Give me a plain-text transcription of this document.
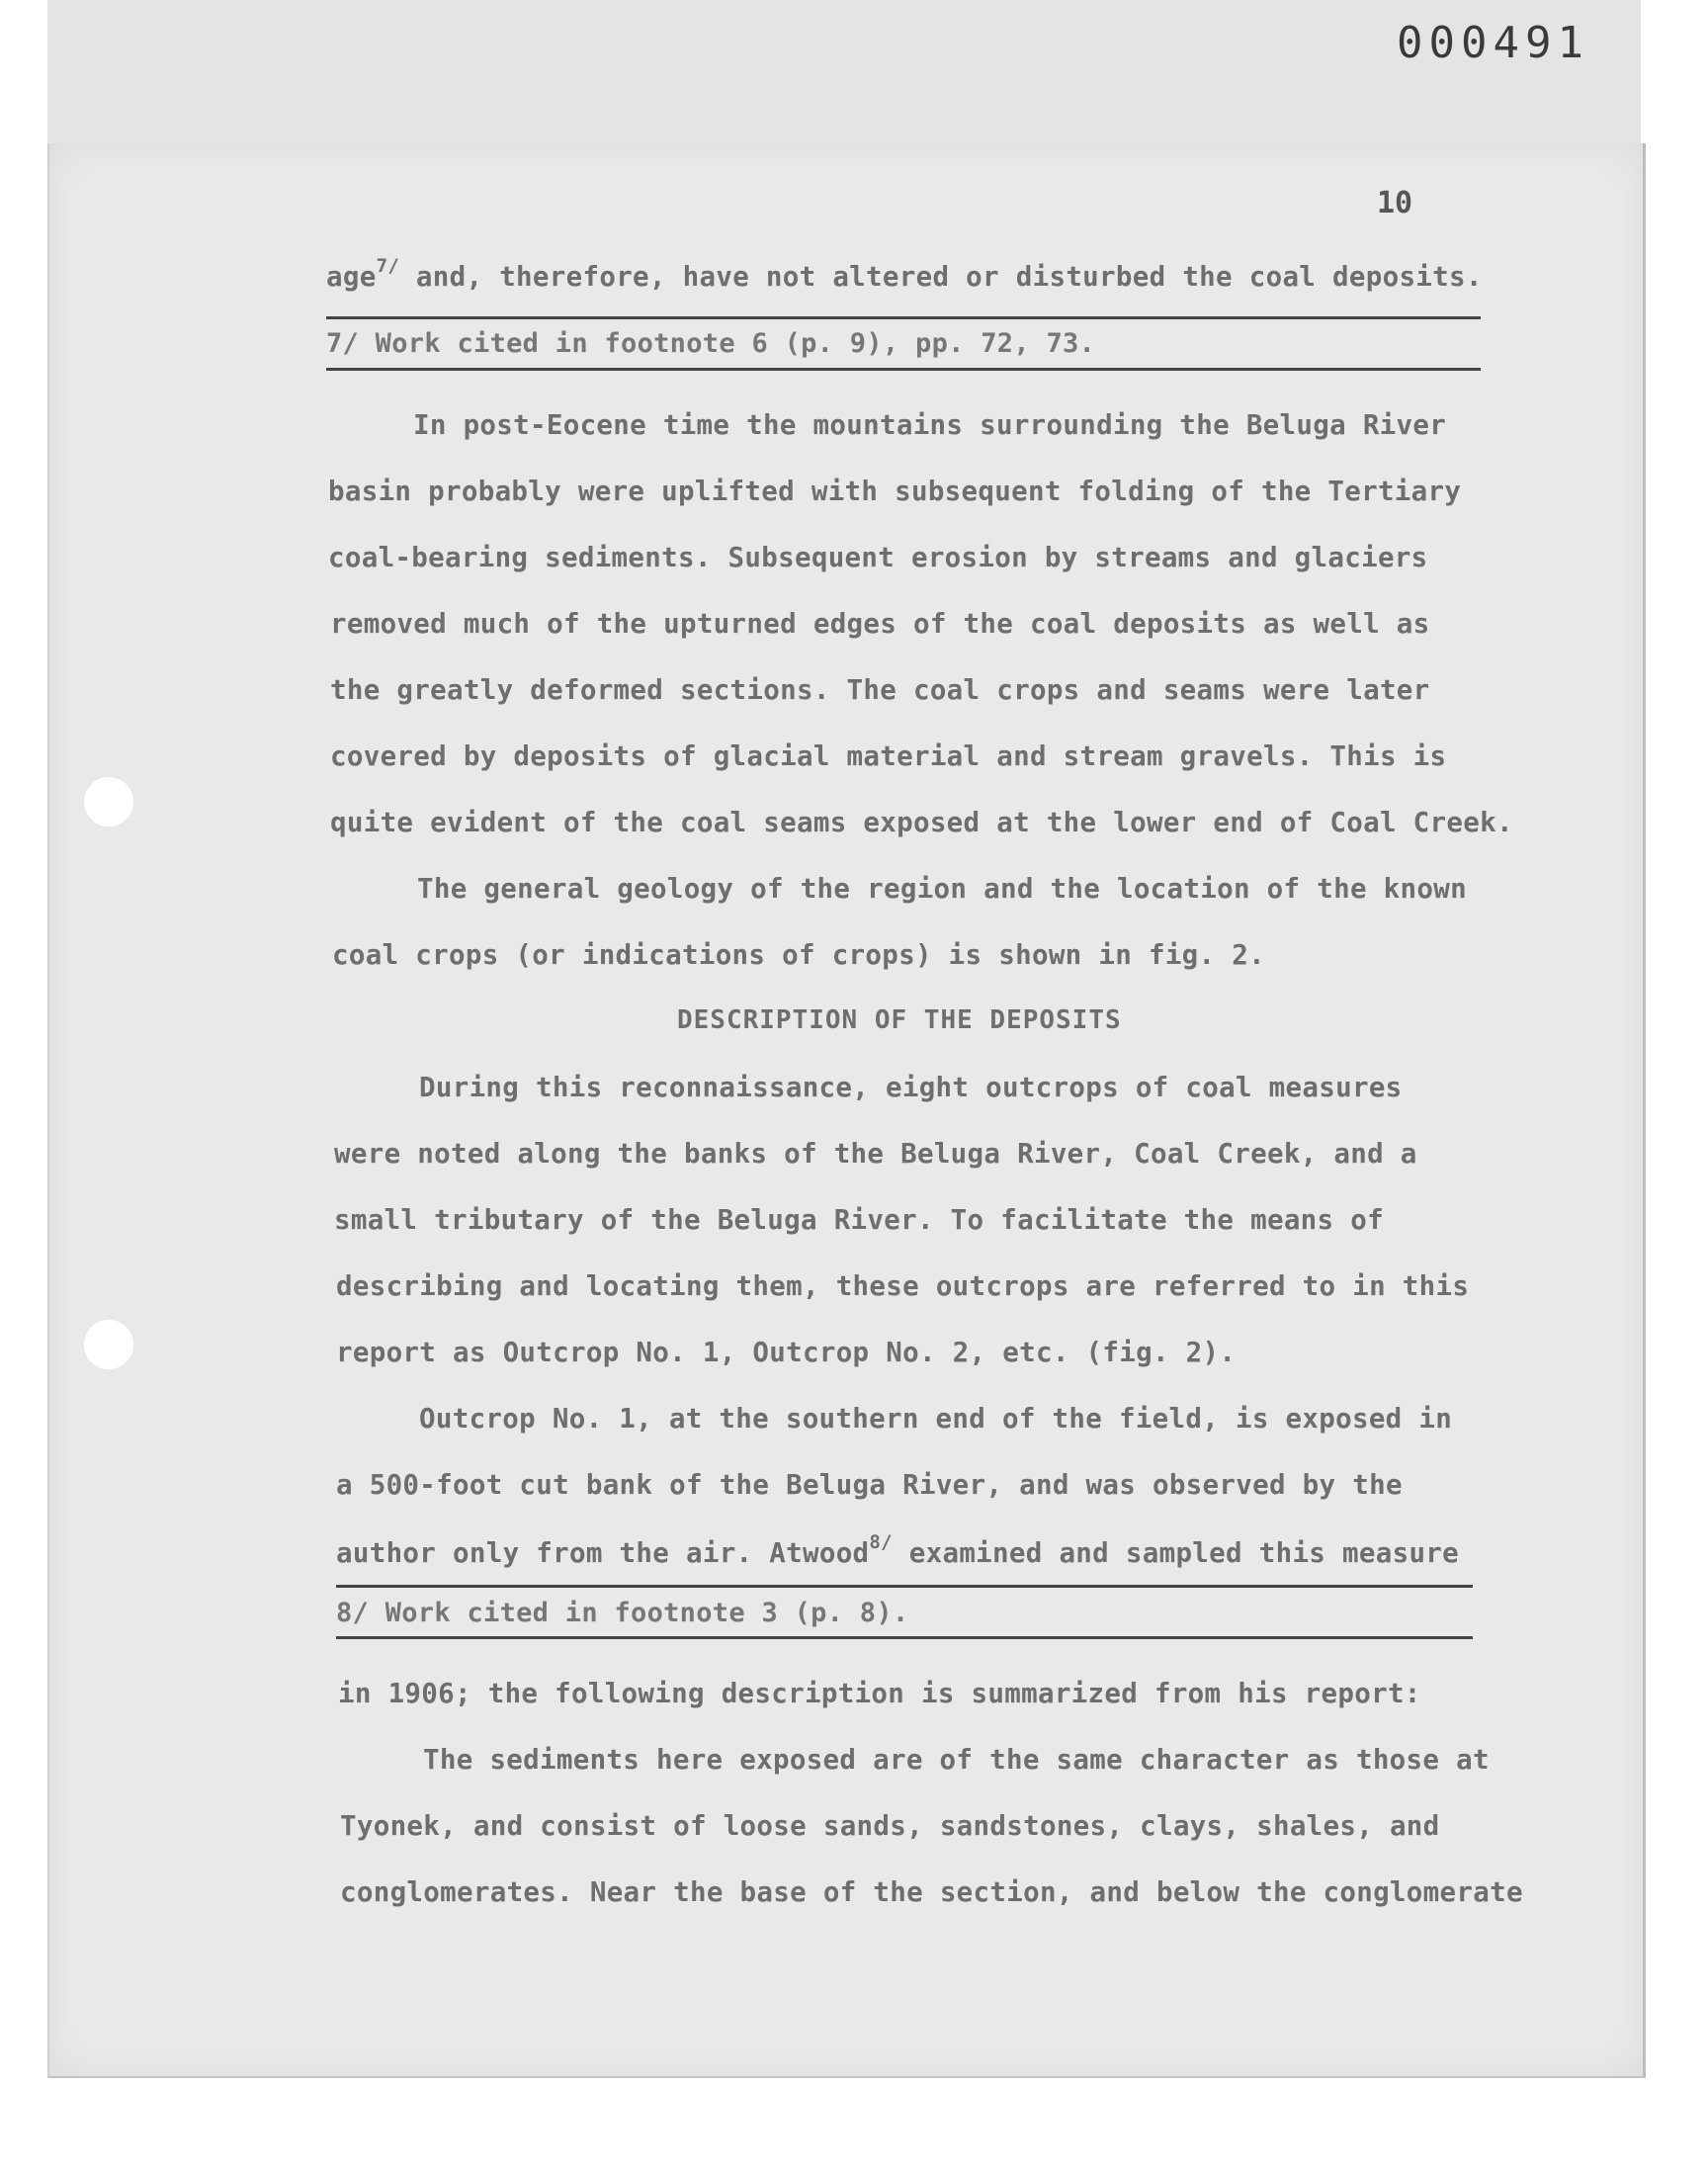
000491
10
age$^{7/}$ and, therefore, have not altered or disturbed the coal deposits.
7/ Work cited in footnote 6 (p. 9), pp. 72, 73.
In post-Eocene time the mountains surrounding the Beluga River
basin probably were uplifted with subsequent folding of the Tertiary
coal-bearing sediments. Subsequent erosion by streams and glaciers
removed much of the upturned edges of the coal deposits as well as
the greatly deformed sections. The coal crops and seams were later
covered by deposits of glacial material and stream gravels. This is
quite evident of the coal seams exposed at the lower end of Coal Creek.
The general geology of the region and the location of the known
coal crops (or indications of crops) is shown in fig. 2.
DESCRIPTION OF THE DEPOSITS
During this reconnaissance, eight outcrops of coal measures
were noted along the banks of the Beluga River, Coal Creek, and a
small tributary of the Beluga River. To facilitate the means of
describing and locating them, these outcrops are referred to in this
report as Outcrop No. 1, Outcrop No. 2, etc. (fig. 2).
Outcrop No. 1, at the southern end of the field, is exposed in
a 500-foot cut bank of the Beluga River, and was observed by the
author only from the air. Atwood$^{8/}$ examined and sampled this measure
8/ Work cited in footnote 3 (p. 8).
in 1906; the following description is summarized from his report:
The sediments here exposed are of the same character as those at
Tyonek, and consist of loose sands, sandstones, clays, shales, and
conglomerates. Near the base of the section, and below the conglomerate
